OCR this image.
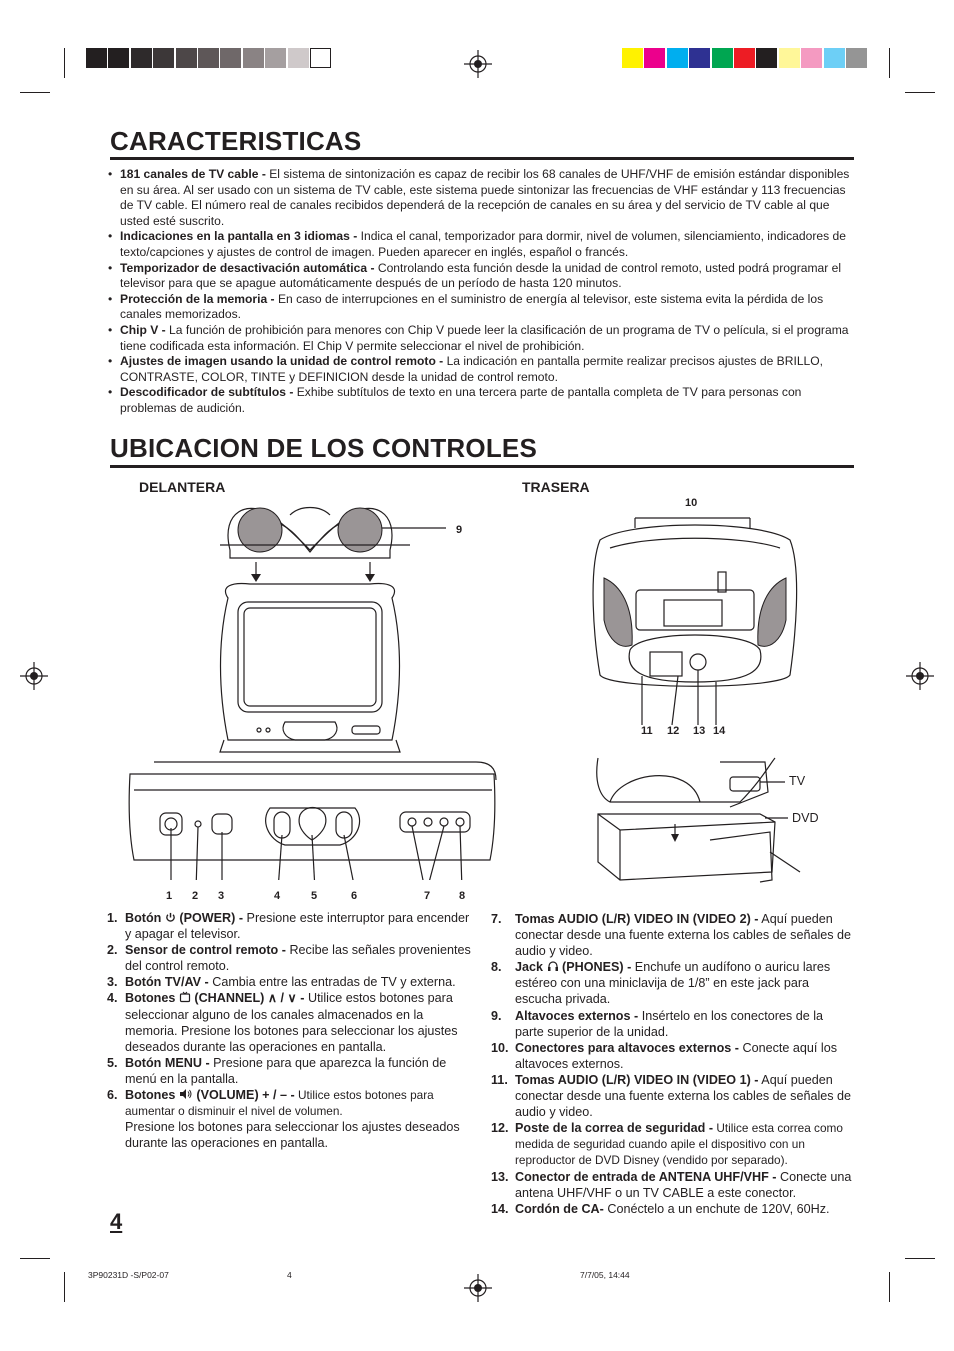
CARACTERISTICAS
• 181 canales de TV cable - El sistema de sintonización es capaz de recibir los 68 canales de UHF/VHF de emisión estándar disponibles en su área. Al ser usado con un sistema de TV cable, este sistema puede sintonizar las frecuencias de VHF estándar y 113 frecuencias de TV cable. El número real de canales recibidos dependerá de la recepción de canales en su área y del servicio de TV cable al que usted esté suscrito.
• Indicaciones en la pantalla en 3 idiomas - Indica el canal, temporizador para dormir, nivel de volumen, silenciamiento, indicadores de texto/capciones y ajustes de control de imagen. Pueden aparecer en inglés, español o francés.
• Temporizador de desactivación automática - Controlando esta función desde la unidad de control remoto, usted podrá programar el televisor para que se apague automáticamente después de un período de hasta 120 minutos.
• Protección de la memoria - En caso de interrupciones en el suministro de energía al televisor, este sistema evita la pérdida de los canales memorizados.
• Chip V - La función de prohibición para menores con Chip V puede leer la clasificación de un programa de TV o película, si el programa tiene codificada esta información. El Chip V permite seleccionar el nivel de prohibición.
• Ajustes de imagen usando la unidad de control remoto - La indicación en pantalla permite realizar precisos ajustes de BRILLO, CONTRASTE, COLOR, TINTE y DEFINICION desde la unidad de control remoto.
• Descodificador de subtítulos - Exhibe subtítulos de texto en una tercera parte de pantalla completa de TV para personas con problemas de audición.
UBICACION DE LOS CONTROLES
DELANTERA	TRASERA
9
1 2 3	4	5	6	7	8
10
11 12 13 14
TV
DVD
1. Botón (POWER) - Presione este interruptor para encender y apagar el televisor.
2. Sensor de control remoto - Recibe las señales provenientes del control remoto.
3. Botón TV/AV - Cambia entre las entradas de TV y externa.
4. Botones (CHANNEL) ∧ / ∨ - Utilice estos botones para seleccionar alguno de los canales almacenados en la memoria. Presione los botones para seleccionar los ajustes deseados durante las operaciones en pantalla.
5. Botón MENU - Presione para que aparezca la función de menú en la pantalla.
6. Botones (VOLUME) + / – - Utilice estos botones para aumentar o disminuir el nivel de volumen.
Presione los botones para seleccionar los ajustes deseados durante las operaciones en pantalla.
7. Tomas AUDIO (L/R) VIDEO IN (VIDEO 2) - Aquí pueden conectar desde una fuente externa los cables de señales de audio y video.
8. Jack (PHONES) - Enchufe un audífono o auricu lares estéreo con una miniclavija de 1/8” en este jack para escucha privada.
9. Altavoces externos - Insértelo en los conectores de la parte superior de la unidad.
10. Conectores para altavoces externos - Conecte aquí los altavoces externos.
11. Tomas AUDIO (L/R) VIDEO IN (VIDEO 1) - Aquí pueden conectar desde una fuente externa los cables de señales de audio y video.
12. Poste de la correa de seguridad - Utilice esta correa como medida de seguridad cuando apile el dispositivo con un reproductor de DVD Disney (vendido por separado).
13. Conector de entrada de ANTENA UHF/VHF - Conecte una antena UHF/VHF o un TV CABLE a este conector.
14. Cordón de CA- Conéctelo a un enchute de 120V, 60Hz.
4
3P90231D -S/P02-07	4	7/7/05, 14:44
